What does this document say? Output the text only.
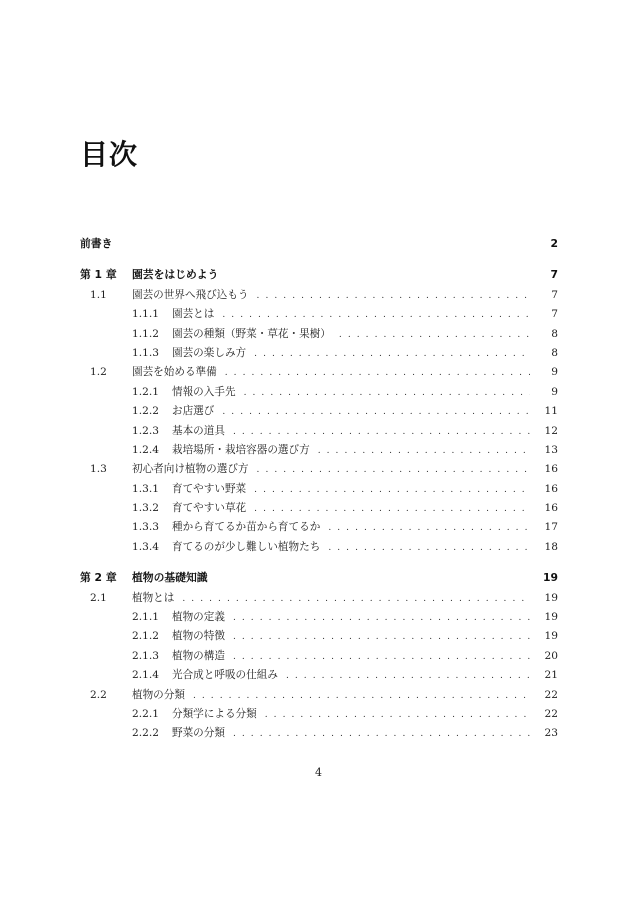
目次
前書き	2
第 1 章	園芸をはじめよう	7
1.1	園芸の世界へ飛び込もう . . .	7
1.1.1	園芸とは . . .	7
1.1.2	園芸の種類（野菜・草花・果樹） . . .	8
1.1.3	園芸の楽しみ方 . . .	8
1.2	園芸を始める準備 . . .	9
1.2.1	情報の入手先 . . .	9
1.2.2	お店選び . . .	11
1.2.3	基本の道具 . . .	12
1.2.4	栽培場所・栽培容器の選び方 . . .	13
1.3	初心者向け植物の選び方 . . .	16
1.3.1	育てやすい野菜 . . .	16
1.3.2	育てやすい草花 . . .	16
1.3.3	種から育てるか苗から育てるか . . .	17
1.3.4	育てるのが少し難しい植物たち . . .	18
第 2 章	植物の基礎知識	19
2.1	植物とは . . .	19
2.1.1	植物の定義 . . .	19
2.1.2	植物の特徴 . . .	19
2.1.3	植物の構造 . . .	20
2.1.4	光合成と呼吸の仕組み . . .	21
2.2	植物の分類 . . .	22
2.2.1	分類学による分類 . . .	22
2.2.2	野菜の分類 . . .	23
4
